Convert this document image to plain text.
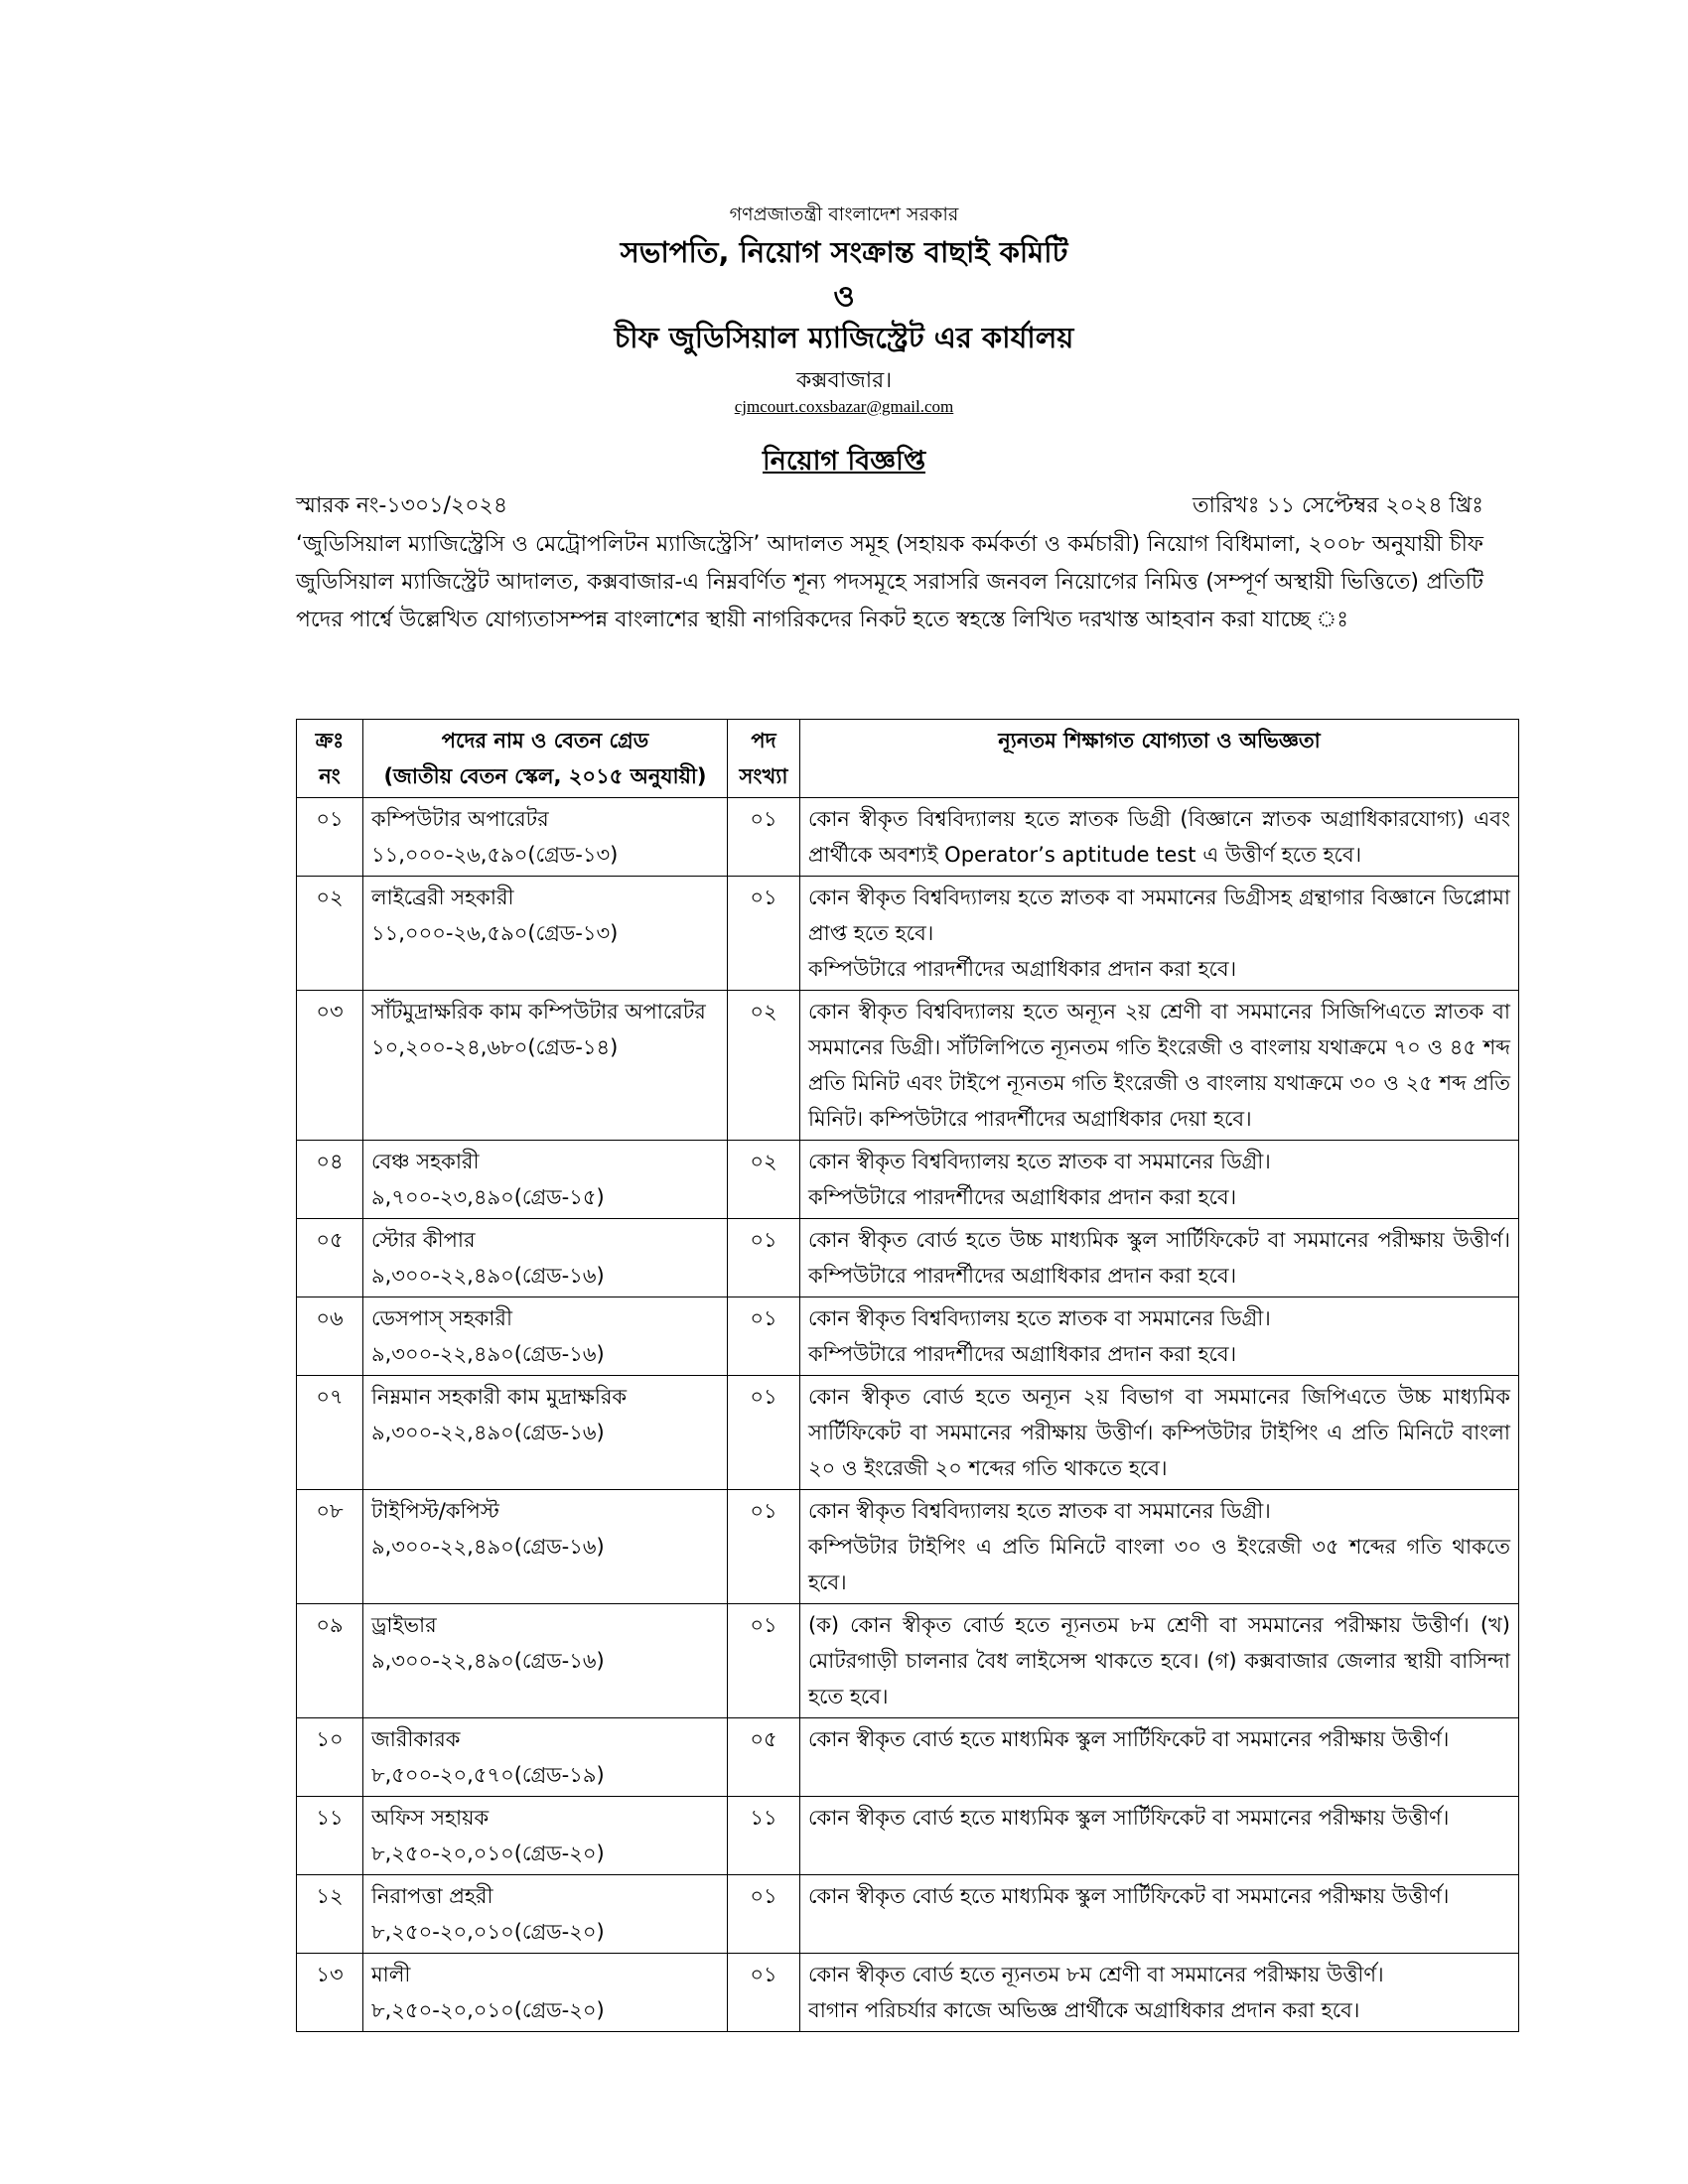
গণপ্রজাতন্ত্রী বাংলাদেশ সরকার
সভাপতি, নিয়োগ সংক্রান্ত বাছাই কমিটি
ও
চীফ জুডিসিয়াল ম্যাজিস্ট্রেট এর কার্যালয়
কক্সবাজার।
cjmcourt.coxsbazar@gmail.com
নিয়োগ বিজ্ঞপ্তি
স্মারক নং-১৩০১/২০২৪	তারিখঃ ১১ সেপ্টেম্বর ২০২৪ খ্রিঃ

‘জুডিসিয়াল ম্যাজিস্ট্রেসি ও মেট্রোপলিটন ম্যাজিস্ট্রেসি’ আদালত সমূহ (সহায়ক কর্মকর্তা ও কর্মচারী) নিয়োগ বিধিমালা, ২০০৮ অনুযায়ী চীফ জুডিসিয়াল ম্যাজিস্ট্রেট আদালত, কক্সবাজার-এ নিম্নবর্ণিত শূন্য পদসমূহে সরাসরি জনবল নিয়োগের নিমিত্ত (সম্পূর্ণ অস্থায়ী ভিত্তিতে) প্রতিটি পদের পার্শ্বে উল্লেখিত যোগ্যতাসম্পন্ন বাংলাশের স্থায়ী নাগরিকদের নিকট হতে স্বহস্তে লিখিত দরখাস্ত আহবান করা যাচ্ছে ঃ

ক্রঃ
নং	পদের নাম ও বেতন গ্রেড
(জাতীয় বেতন স্কেল, ২০১৫ অনুযায়ী)	পদ
সংখ্যা	ন্যূনতম শিক্ষাগত যোগ্যতা ও অভিজ্ঞতা
০১	কম্পিউটার অপারেটর
১১,০০০-২৬,৫৯০(গ্রেড-১৩)	০১	কোন স্বীকৃত বিশ্ববিদ্যালয় হতে স্নাতক ডিগ্রী (বিজ্ঞানে স্নাতক অগ্রাধিকারযোগ্য) এবং প্রার্থীকে অবশ্যই Operator’s aptitude test এ উত্তীর্ণ হতে হবে।

০২	লাইব্রেরী সহকারী
১১,০০০-২৬,৫৯০(গ্রেড-১৩)	০১	কোন স্বীকৃত বিশ্ববিদ্যালয় হতে স্নাতক বা সমমানের ডিগ্রীসহ গ্রন্থাগার বিজ্ঞানে ডিপ্লোমা প্রাপ্ত হতে হবে।
কম্পিউটারে পারদর্শীদের অগ্রাধিকার প্রদান করা হবে।

০৩	সাঁটমুদ্রাক্ষরিক কাম কম্পিউটার অপারেটর
১০,২০০-২৪,৬৮০(গ্রেড-১৪)	০২	কোন স্বীকৃত বিশ্ববিদ্যালয় হতে অন্যূন ২য় শ্রেণী বা সমমানের সিজিপিএতে স্নাতক বা সমমানের ডিগ্রী। সাঁটলিপিতে ন্যূনতম গতি ইংরেজী ও বাংলায় যথাক্রমে ৭০ ও ৪৫ শব্দ প্রতি মিনিট এবং টাইপে ন্যূনতম গতি ইংরেজী ও বাংলায় যথাক্রমে ৩০ ও ২৫ শব্দ প্রতি মিনিট। কম্পিউটারে পারদর্শীদের অগ্রাধিকার দেয়া হবে।

০৪	বেঞ্চ সহকারী
৯,৭০০-২৩,৪৯০(গ্রেড-১৫)	০২	কোন স্বীকৃত বিশ্ববিদ্যালয় হতে স্নাতক বা সমমানের ডিগ্রী।
কম্পিউটারে পারদর্শীদের অগ্রাধিকার প্রদান করা হবে।

০৫	স্টোর কীপার
৯,৩০০-২২,৪৯০(গ্রেড-১৬)	০১	কোন স্বীকৃত বোর্ড হতে উচ্চ মাধ্যমিক স্কুল সার্টিফিকেট বা সমমানের পরীক্ষায় উত্তীর্ণ। কম্পিউটারে পারদর্শীদের অগ্রাধিকার প্রদান করা হবে।

০৬	ডেসপাস্ সহকারী
৯,৩০০-২২,৪৯০(গ্রেড-১৬)	০১	কোন স্বীকৃত বিশ্ববিদ্যালয় হতে স্নাতক বা সমমানের ডিগ্রী।
কম্পিউটারে পারদর্শীদের অগ্রাধিকার প্রদান করা হবে।

০৭	নিম্নমান সহকারী কাম মুদ্রাক্ষরিক
৯,৩০০-২২,৪৯০(গ্রেড-১৬)	০১	কোন স্বীকৃত বোর্ড হতে অন্যূন ২য় বিভাগ বা সমমানের জিপিএতে উচ্চ মাধ্যমিক সার্টিফিকেট বা সমমানের পরীক্ষায় উত্তীর্ণ। কম্পিউটার টাইপিং এ প্রতি মিনিটে বাংলা ২০ ও ইংরেজী ২০ শব্দের গতি থাকতে হবে।

০৮	টাইপিস্ট/কপিস্ট
৯,৩০০-২২,৪৯০(গ্রেড-১৬)	০১	কোন স্বীকৃত বিশ্ববিদ্যালয় হতে স্নাতক বা সমমানের ডিগ্রী।
কম্পিউটার টাইপিং এ প্রতি মিনিটে বাংলা ৩০ ও ইংরেজী ৩৫ শব্দের গতি থাকতে হবে।

০৯	ড্রাইভার
৯,৩০০-২২,৪৯০(গ্রেড-১৬)	০১	(ক) কোন স্বীকৃত বোর্ড হতে ন্যূনতম ৮ম শ্রেণী বা সমমানের পরীক্ষায় উত্তীর্ণ। (খ) মোটরগাড়ী চালনার বৈধ লাইসেন্স থাকতে হবে। (গ) কক্সবাজার জেলার স্থায়ী বাসিন্দা হতে হবে।

১০	জারীকারক
৮,৫০০-২০,৫৭০(গ্রেড-১৯)	০৫	কোন স্বীকৃত বোর্ড হতে মাধ্যমিক স্কুল সার্টিফিকেট বা সমমানের পরীক্ষায় উত্তীর্ণ।

১১	অফিস সহায়ক
৮,২৫০-২০,০১০(গ্রেড-২০)	১১	কোন স্বীকৃত বোর্ড হতে মাধ্যমিক স্কুল সার্টিফিকেট বা সমমানের পরীক্ষায় উত্তীর্ণ।

১২	নিরাপত্তা প্রহরী
৮,২৫০-২০,০১০(গ্রেড-২০)	০১	কোন স্বীকৃত বোর্ড হতে মাধ্যমিক স্কুল সার্টিফিকেট বা সমমানের পরীক্ষায় উত্তীর্ণ।

১৩	মালী
৮,২৫০-২০,০১০(গ্রেড-২০)	০১	কোন স্বীকৃত বোর্ড হতে ন্যূনতম ৮ম শ্রেণী বা সমমানের পরীক্ষায় উত্তীর্ণ।
বাগান পরিচর্যার কাজে অভিজ্ঞ প্রার্থীকে অগ্রাধিকার প্রদান করা হবে।
